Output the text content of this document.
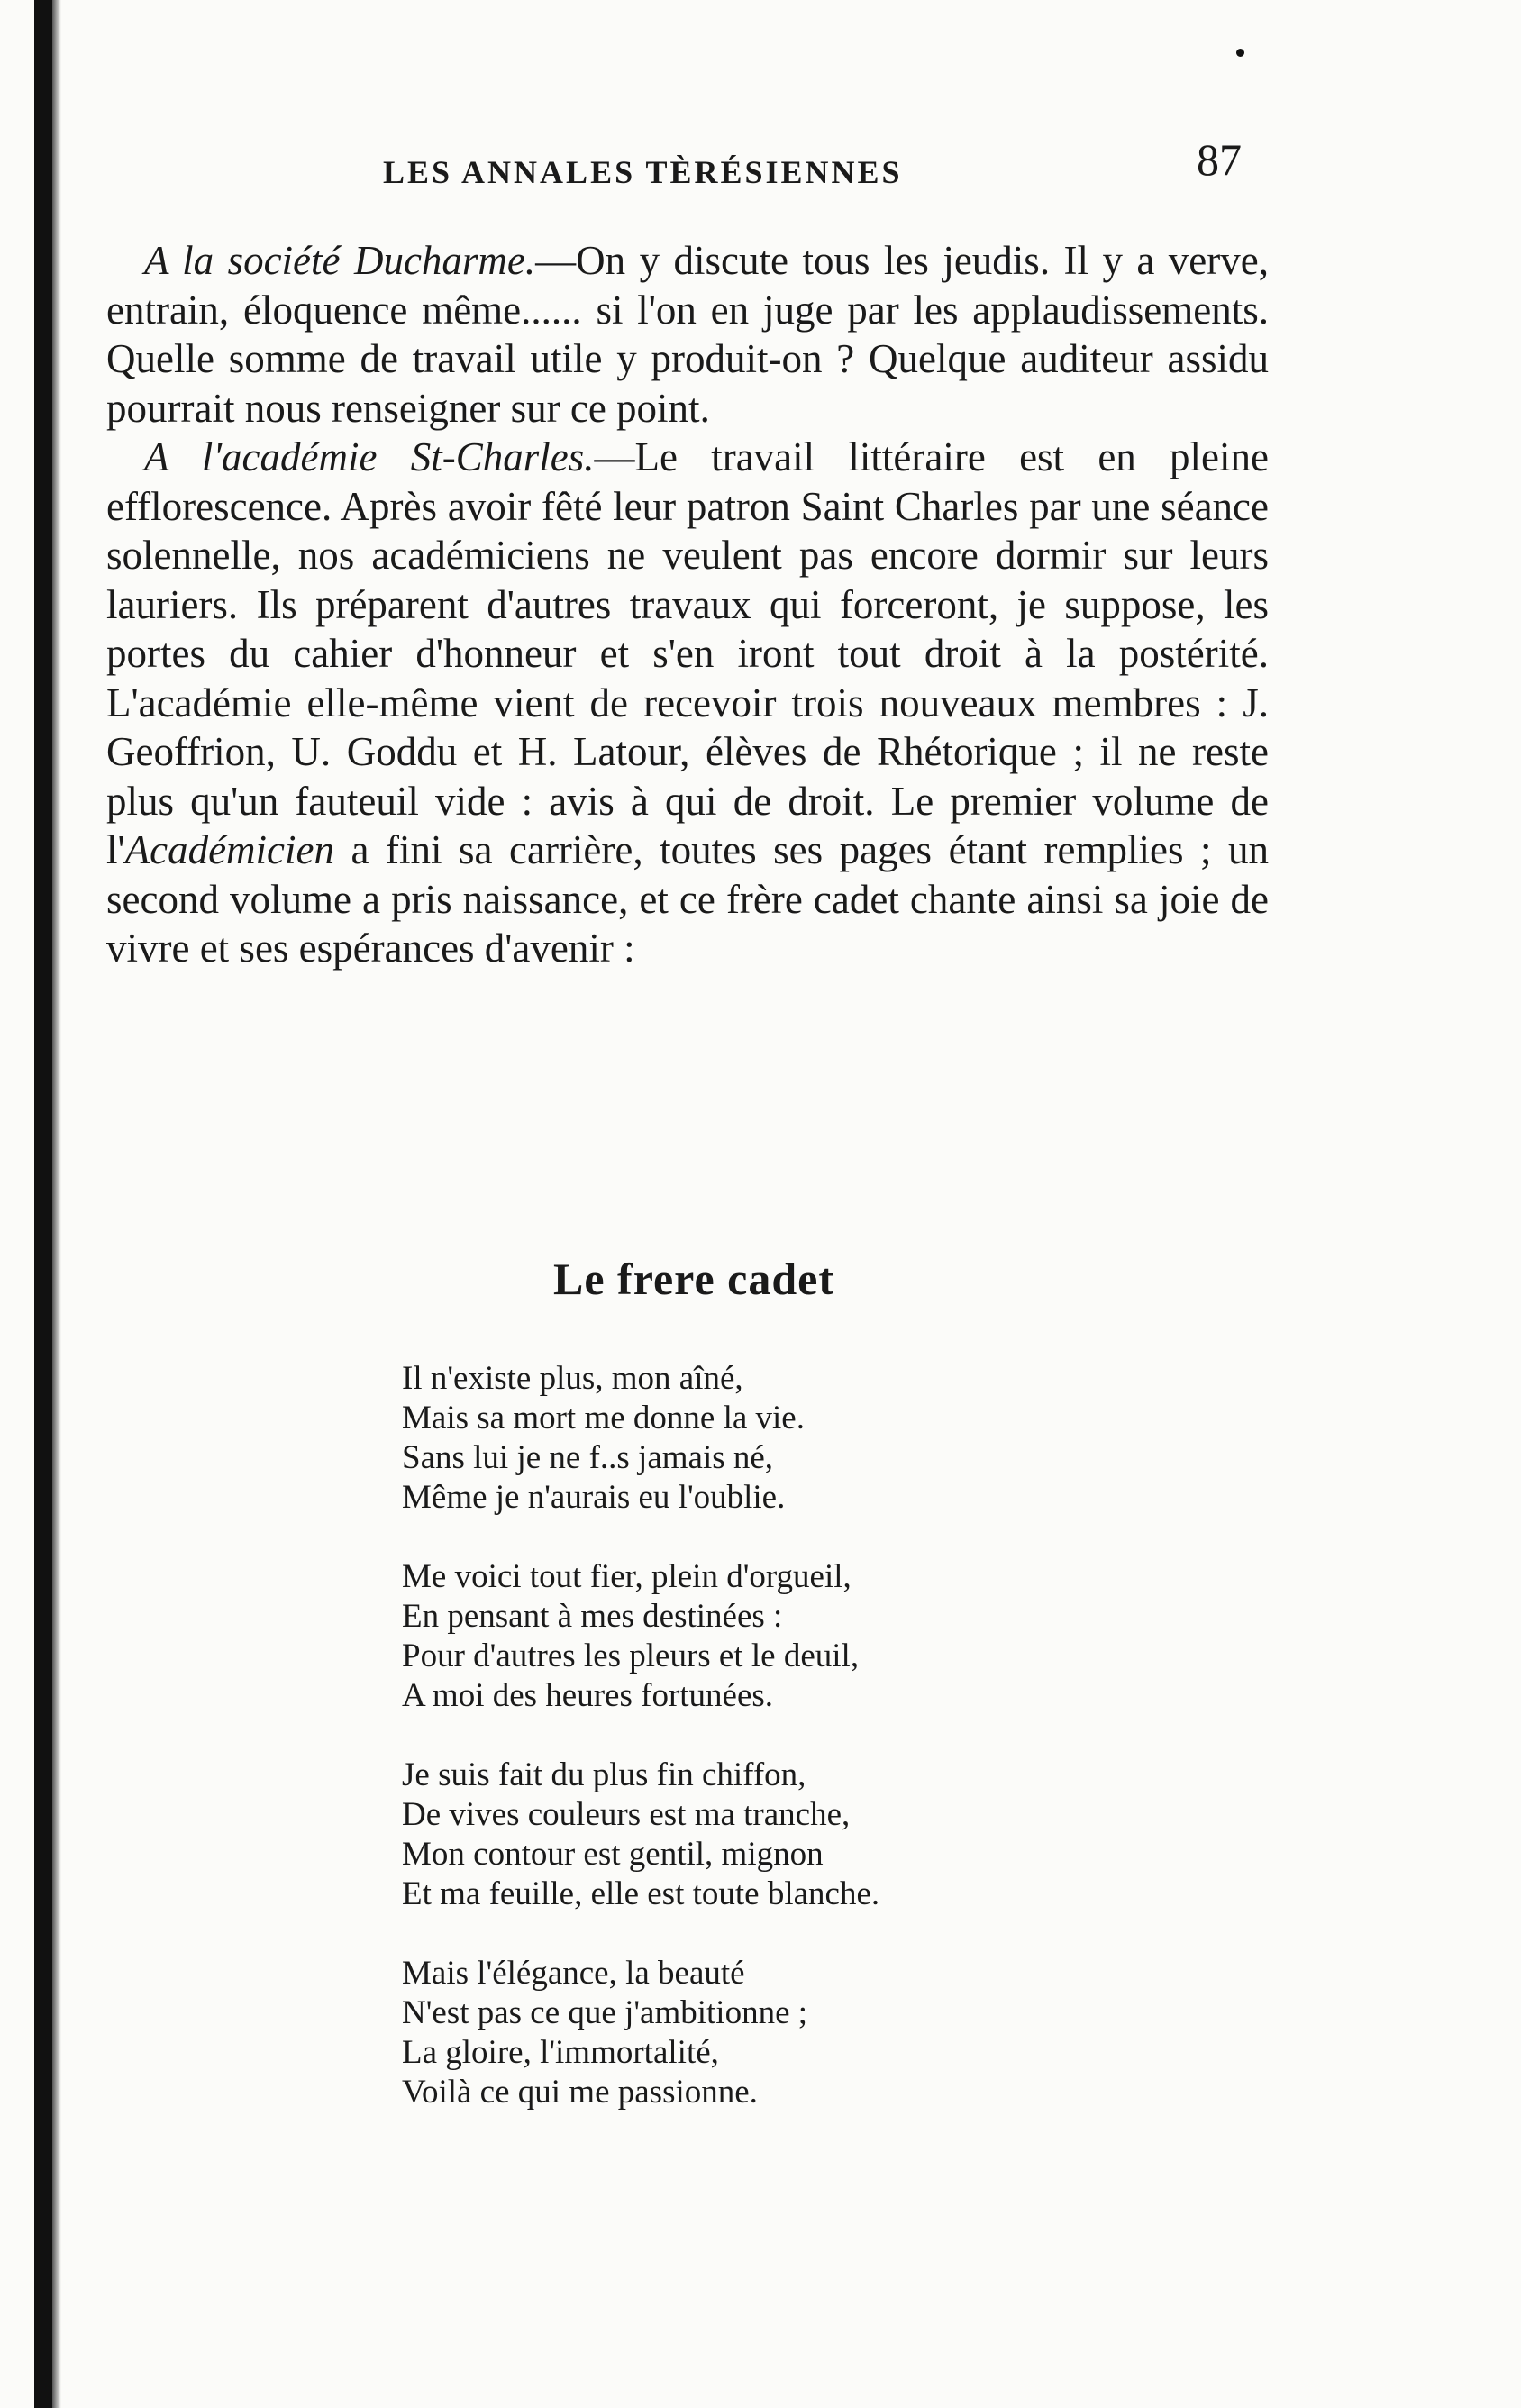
LES ANNALES TÈRÉSIENNES	87

A la société Ducharme.—On y discute tous les jeudis. Il y a verve, entrain, éloquence même...... si l'on en juge par les applaudissements. Quelle somme de travail utile y produit-on ? Quelque auditeur assidu pourrait nous renseigner sur ce point.

A l'académie St-Charles.—Le travail littéraire est en pleine efflorescence. Après avoir fêté leur patron Saint Charles par une séance solennelle, nos académiciens ne veulent pas encore dormir sur leurs lauriers. Ils préparent d'autres travaux qui forceront, je suppose, les portes du cahier d'honneur et s'en iront tout droit à la postérité. L'académie elle-même vient de recevoir trois nouveaux membres : J. Geoffrion, U. Goddu et H. Latour, élèves de Rhétorique ; il ne reste plus qu'un fauteuil vide : avis à qui de droit. Le premier volume de l'Académicien a fini sa carrière, toutes ses pages étant remplies ; un second volume a pris naissance, et ce frère cadet chante ainsi sa joie de vivre et ses espérances d'avenir :

Le frere cadet
Il n'existe plus, mon aîné,
Mais sa mort me donne la vie.
Sans lui je ne f..s jamais né,
Même je n'aurais eu l'oublie.
Me voici tout fier, plein d'orgueil,
En pensant à mes destinées :
Pour d'autres les pleurs et le deuil,
A moi des heures fortunées.
Je suis fait du plus fin chiffon,
De vives couleurs est ma tranche,
Mon contour est gentil, mignon
Et ma feuille, elle est toute blanche.
Mais l'élégance, la beauté
N'est pas ce que j'ambitionne ;
La gloire, l'immortalité,
Voilà ce qui me passionne.
